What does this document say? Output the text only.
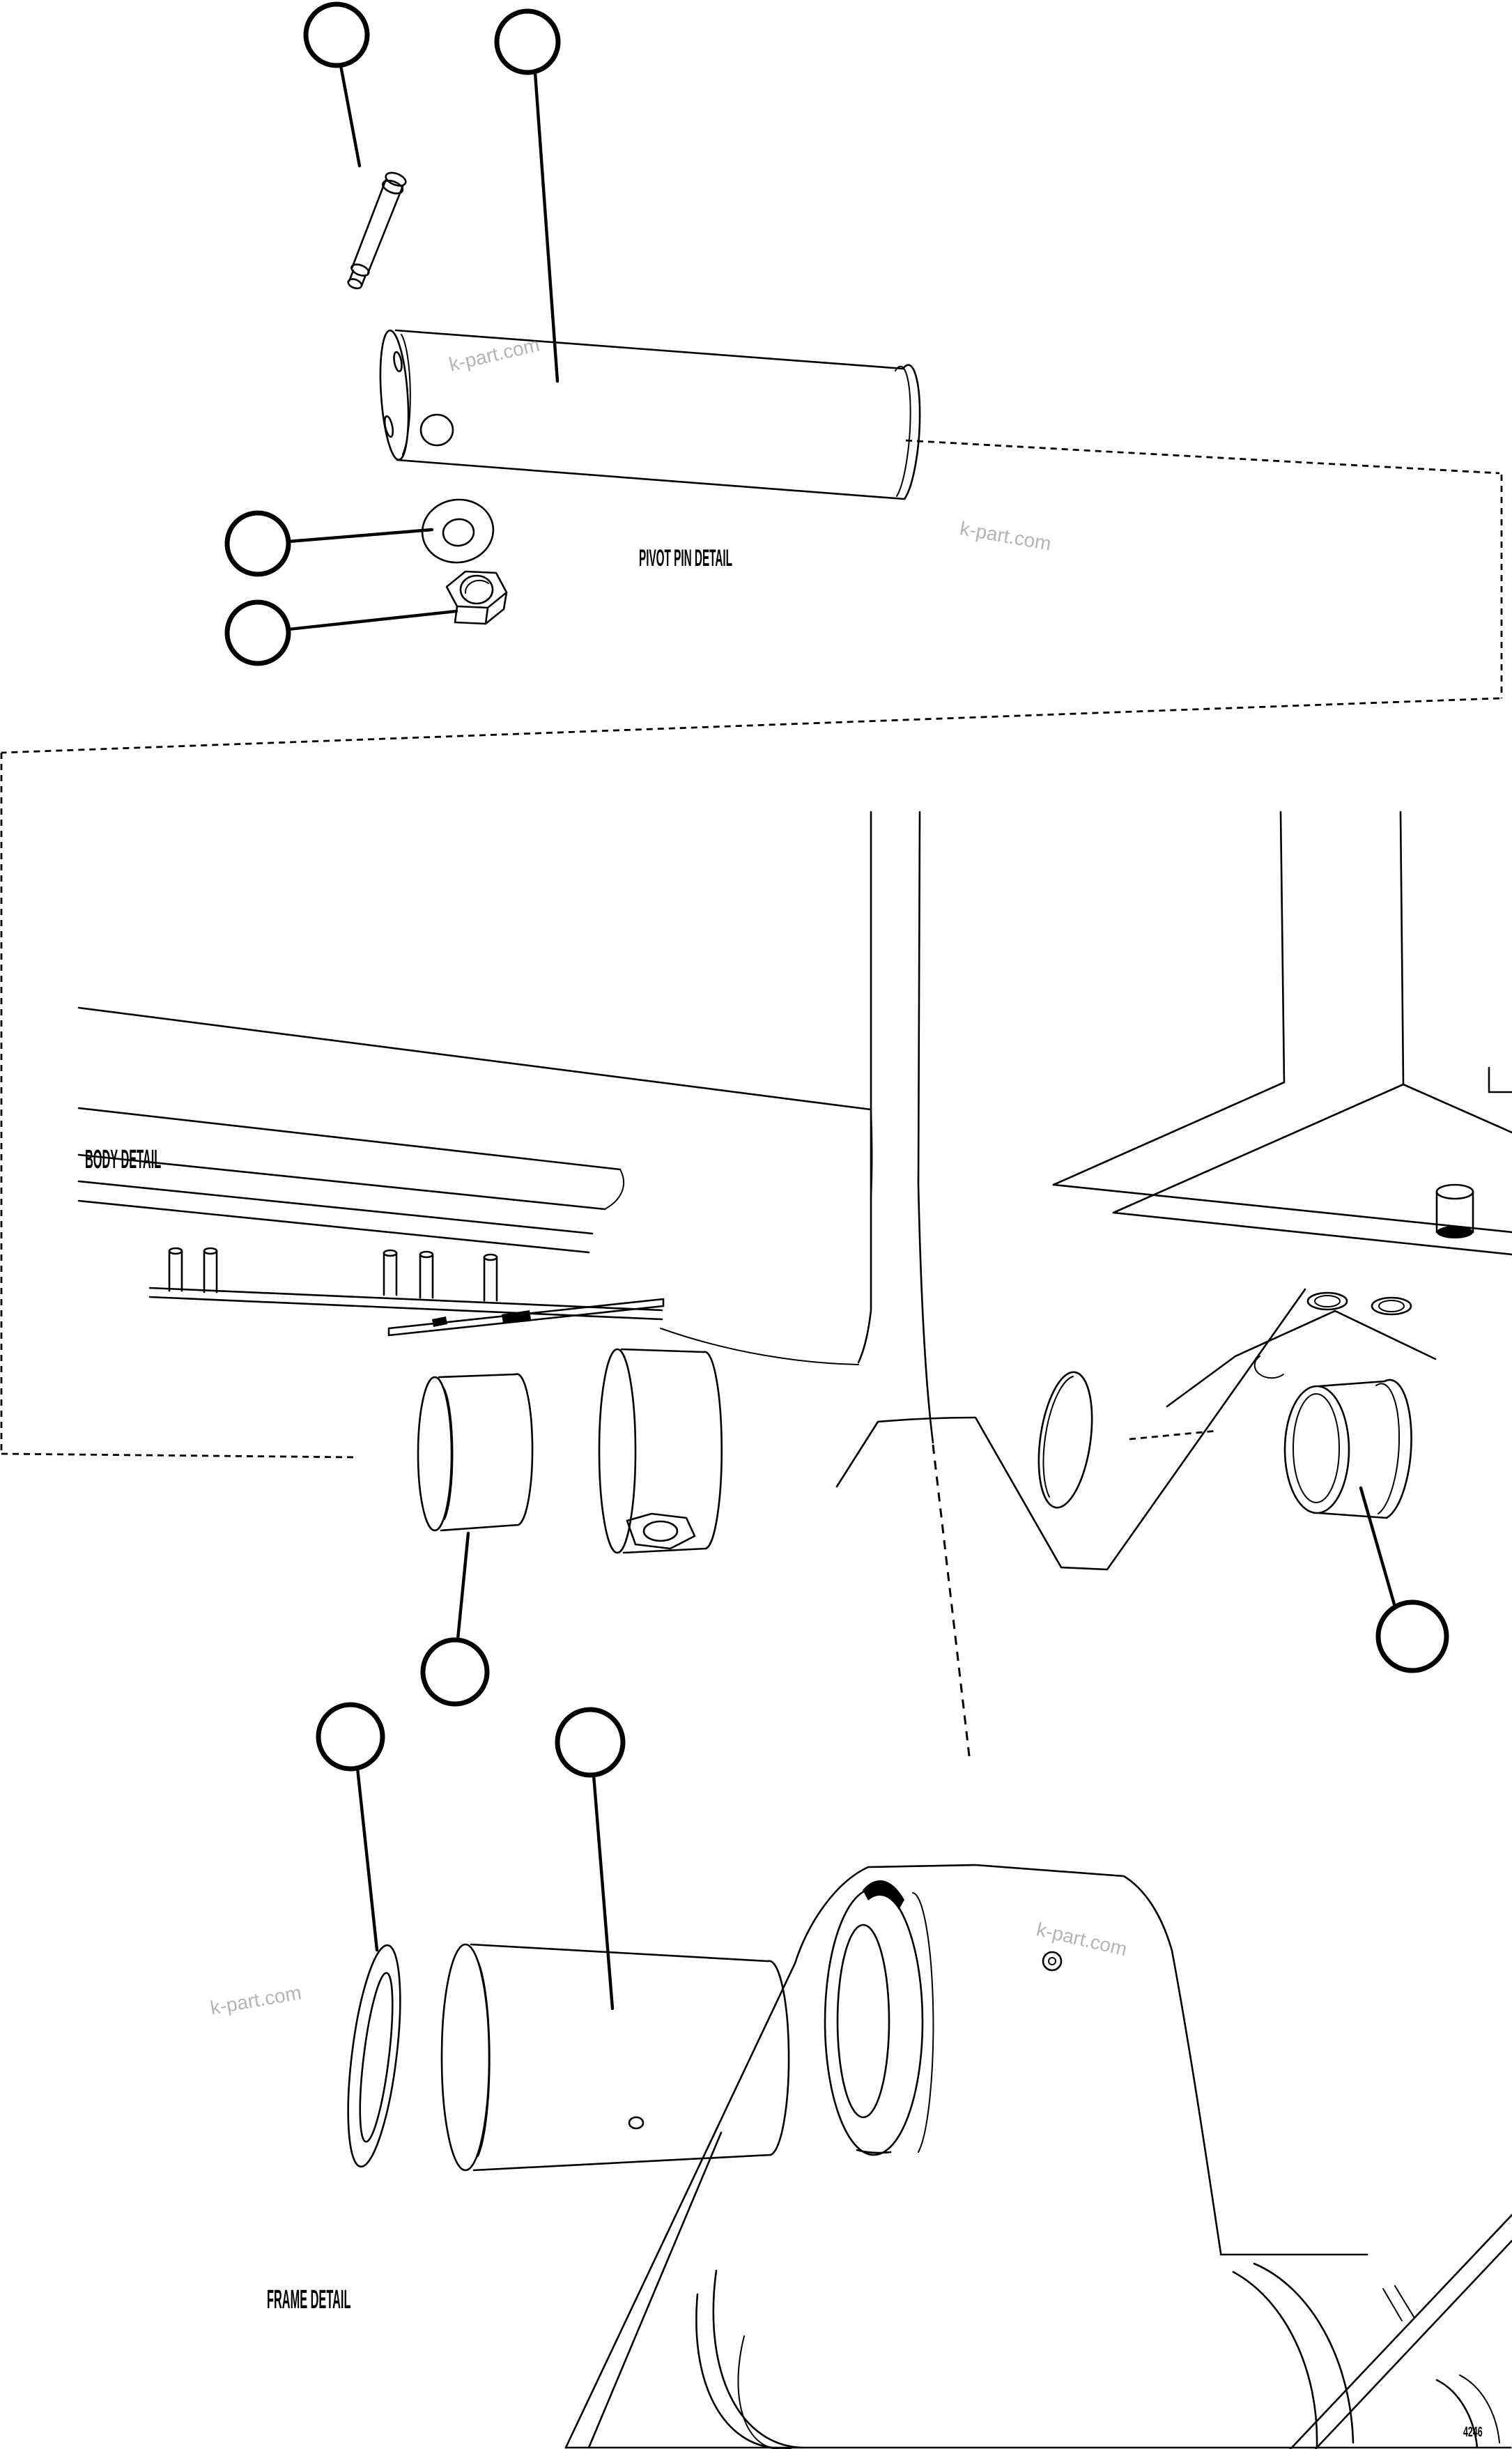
PIVOT PIN DETAIL
BODY DETAIL
FRAME DETAIL
k-part.com
k-part.com
k-part.com
k-part.com
4246
